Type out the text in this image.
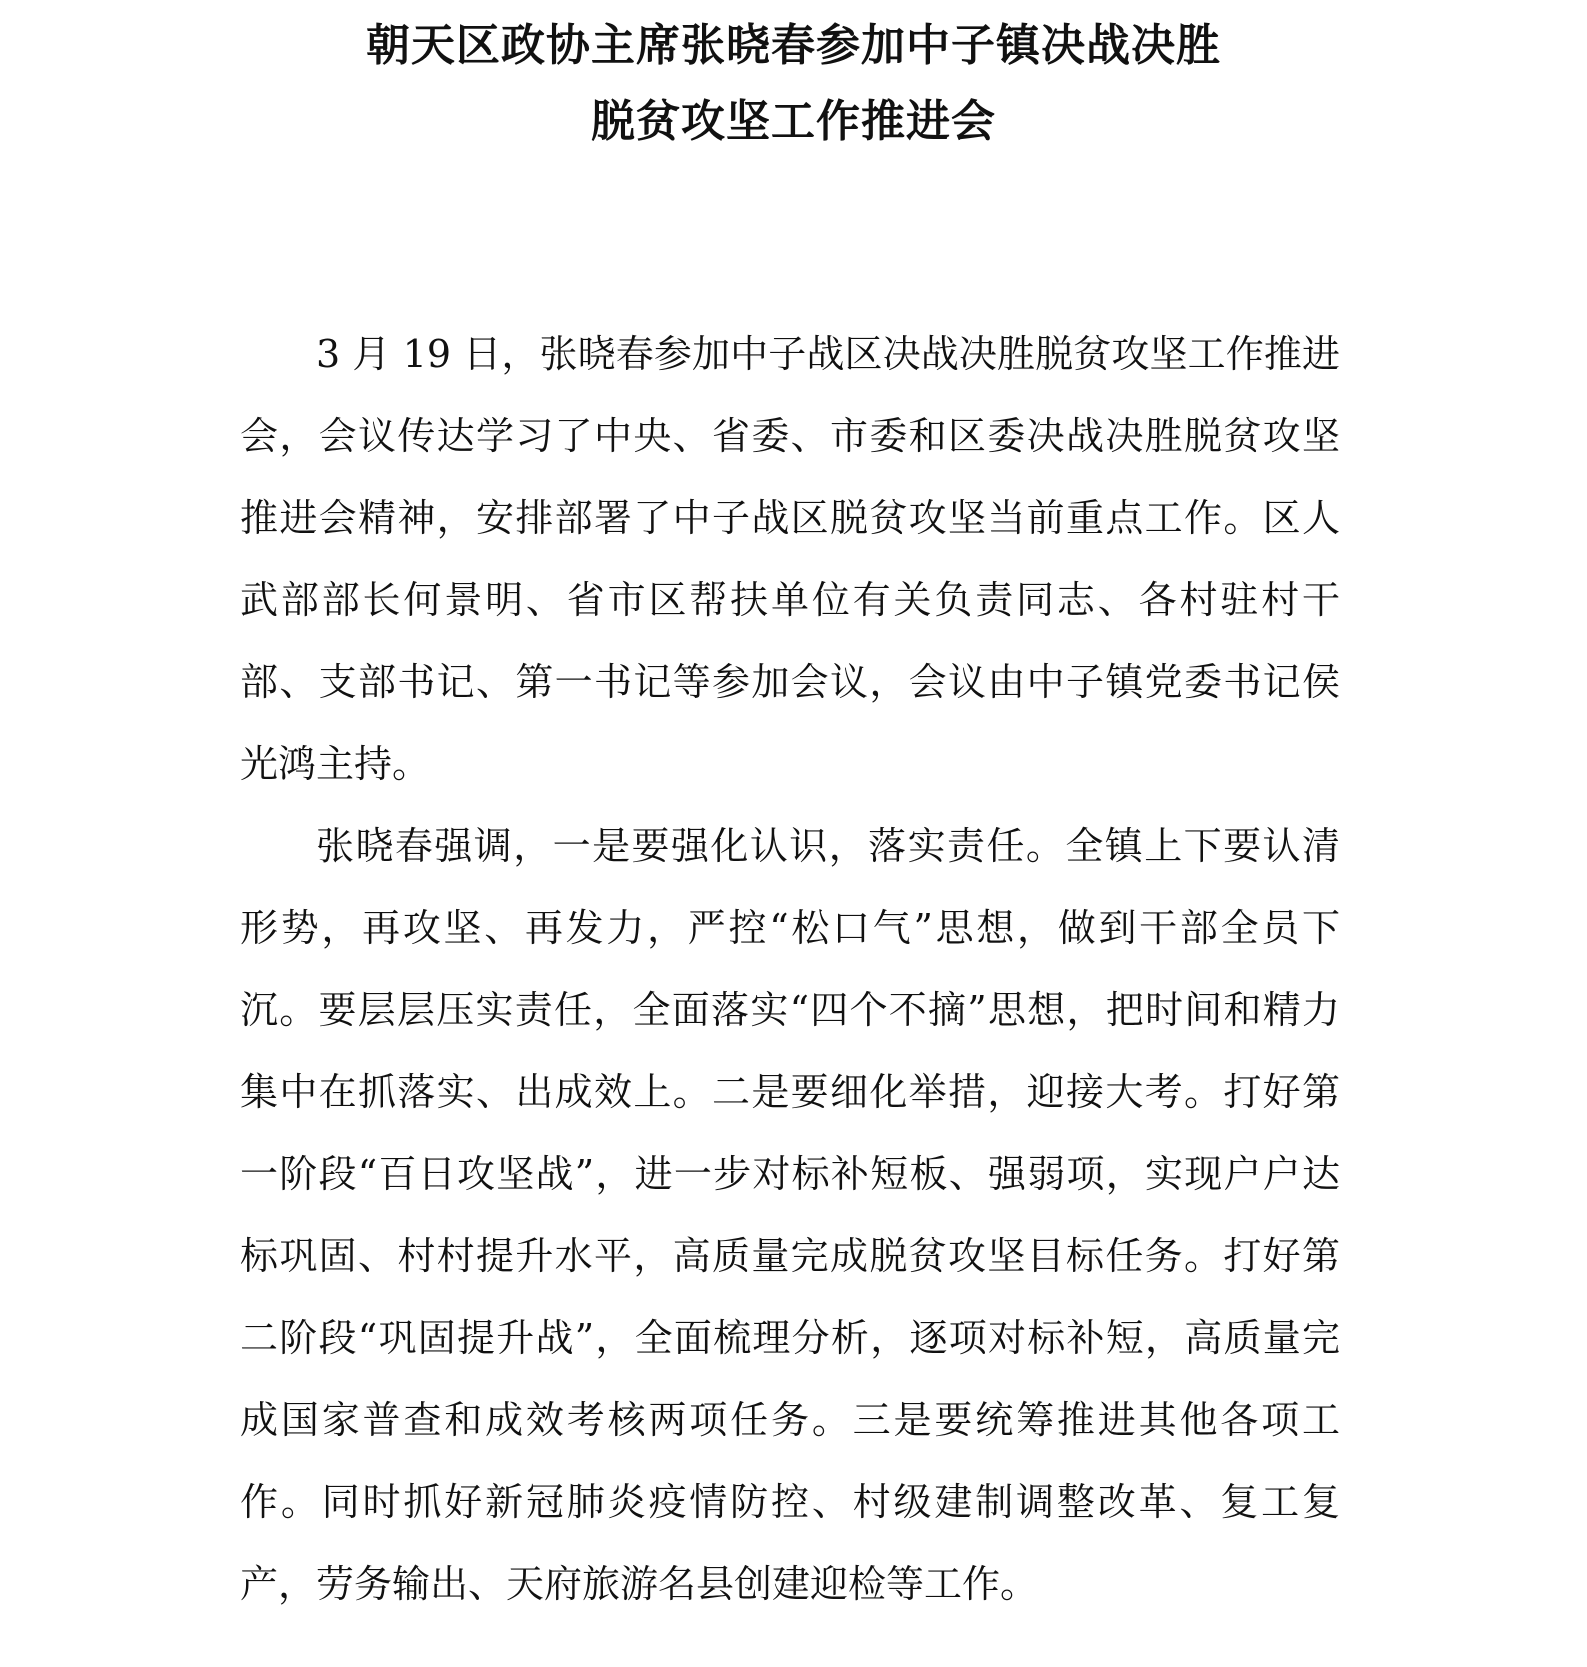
朝天区政协主席张晓春参加中子镇决战决胜

脱贫攻坚工作推进会

3 月 19 日，张晓春参加中子战区决战决胜脱贫攻坚工作推进会，会议传达学习了中央、省委、市委和区委决战决胜脱贫攻坚推进会精神，安排部署了中子战区脱贫攻坚当前重点工作。区人武部部长何景明、省市区帮扶单位有关负责同志、各村驻村干部、支部书记、第一书记等参加会议，会议由中子镇党委书记侯光鸿主持。

张晓春强调，一是要强化认识，落实责任。全镇上下要认清形势，再攻坚、再发力，严控“松口气”思想，做到干部全员下沉。要层层压实责任，全面落实“四个不摘”思想，把时间和精力集中在抓落实、出成效上。二是要细化举措，迎接大考。打好第一阶段“百日攻坚战”，进一步对标补短板、强弱项，实现户户达标巩固、村村提升水平，高质量完成脱贫攻坚目标任务。打好第二阶段“巩固提升战”，全面梳理分析，逐项对标补短，高质量完成国家普查和成效考核两项任务。三是要统筹推进其他各项工作。同时抓好新冠肺炎疫情防控、村级建制调整改革、复工复产，劳务输出、天府旅游名县创建迎检等工作。
